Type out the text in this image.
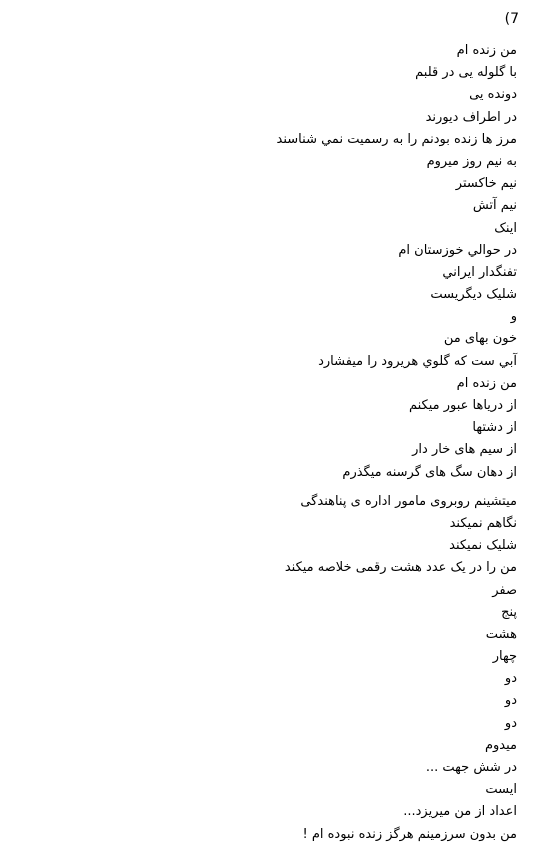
(7
من زنده ام
با گلوله یی در قلبم
دونده یی
در اطراف دیورند
مرز ها زنده بودنم را به رسمیت نمي شناسند
به نیم روز میروم
نیم خاکستر
نیم آتش
اینک
در حوالي خوزستان ام
تفنگدار ایراني
شلیک دیگریست
و
خون بهای من
آبي ست که گلوي هریرود را میفشارد
من زنده ام
از دریاها عبور میکنم
از دشتها
از سیم های خار دار
از دهان سگ های گرسنه میگذرم
میتشینم روبروی مامور اداره ی پناهندگی
نگاهم نمیکند
شلیک نمیکند
من را در یک عدد هشت رقمی خلاصه میکند
صفر
پنج
هشت
چهار
دو
دو
دو
میدوم
در شش جهت ...
ایست
اعداد از من میریزد...
من بدون سرزمینم هرگز زنده نبوده ام !
